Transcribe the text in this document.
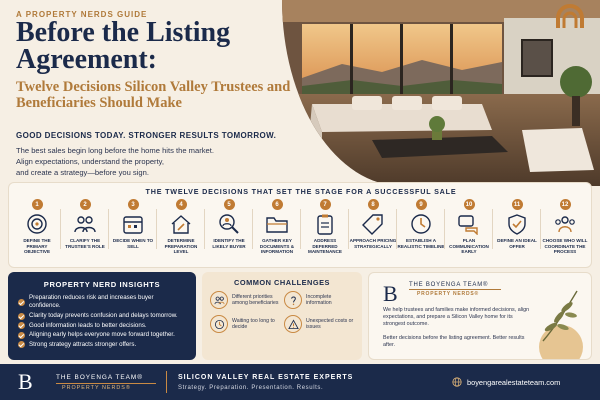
A PROPERTY NERDS GUIDE
Before the Listing Agreement:
Twelve Decisions Silicon Valley Trustees and Beneficiaries Should Make
GOOD DECISIONS TODAY. STRONGER RESULTS TOMORROW.
The best sales begin long before the home hits the market.
Align expectations, understand the property,
and create a strategy—before you sign.
THE TWELVE DECISIONS THAT SET THE STAGE FOR A SUCCESSFUL SALE
1
DEFINE THE PRIMARY OBJECTIVE
2
CLARIFY THE TRUSTEE'S ROLE
3
DECIDE WHEN TO SELL
4
DETERMINE PREPARATION LEVEL
5
IDENTIFY THE LIKELY BUYER
6
GATHER KEY DOCUMENTS & INFORMATION
7
ADDRESS DEFERRED MAINTENANCE
8
APPROACH PRICING STRATEGICALLY
9
ESTABLISH A REALISTIC TIMELINE
10
PLAN COMMUNICATION EARLY
11
DEFINE AN IDEAL OFFER
12
CHOOSE WHO WILL COORDINATE THE PROCESS
PROPERTY NERD INSIGHTS
Preparation reduces risk and increases buyer confidence.
Clarity today prevents confusion and delays tomorrow.
Good information leads to better decisions.
Aligning early helps everyone move forward together.
Strong strategy attracts stronger offers.
COMMON CHALLENGES
Different priorities among beneficiaries
Incomplete information
Waiting too long to decide
Unexpected costs or issues
B THE BOYENGA TEAM®
PROPERTY NERDS®
We help trustees and families make informed decisions, align expectations, and prepare a Silicon Valley home for its strongest outcome.
Better decisions before the listing agreement. Better results after.
B	THE BOYENGA TEAM®
PROPERTY NERDS®
SILICON VALLEY REAL ESTATE EXPERTS
Strategy. Preparation. Presentation. Results.
boyengarealestateteam.com
